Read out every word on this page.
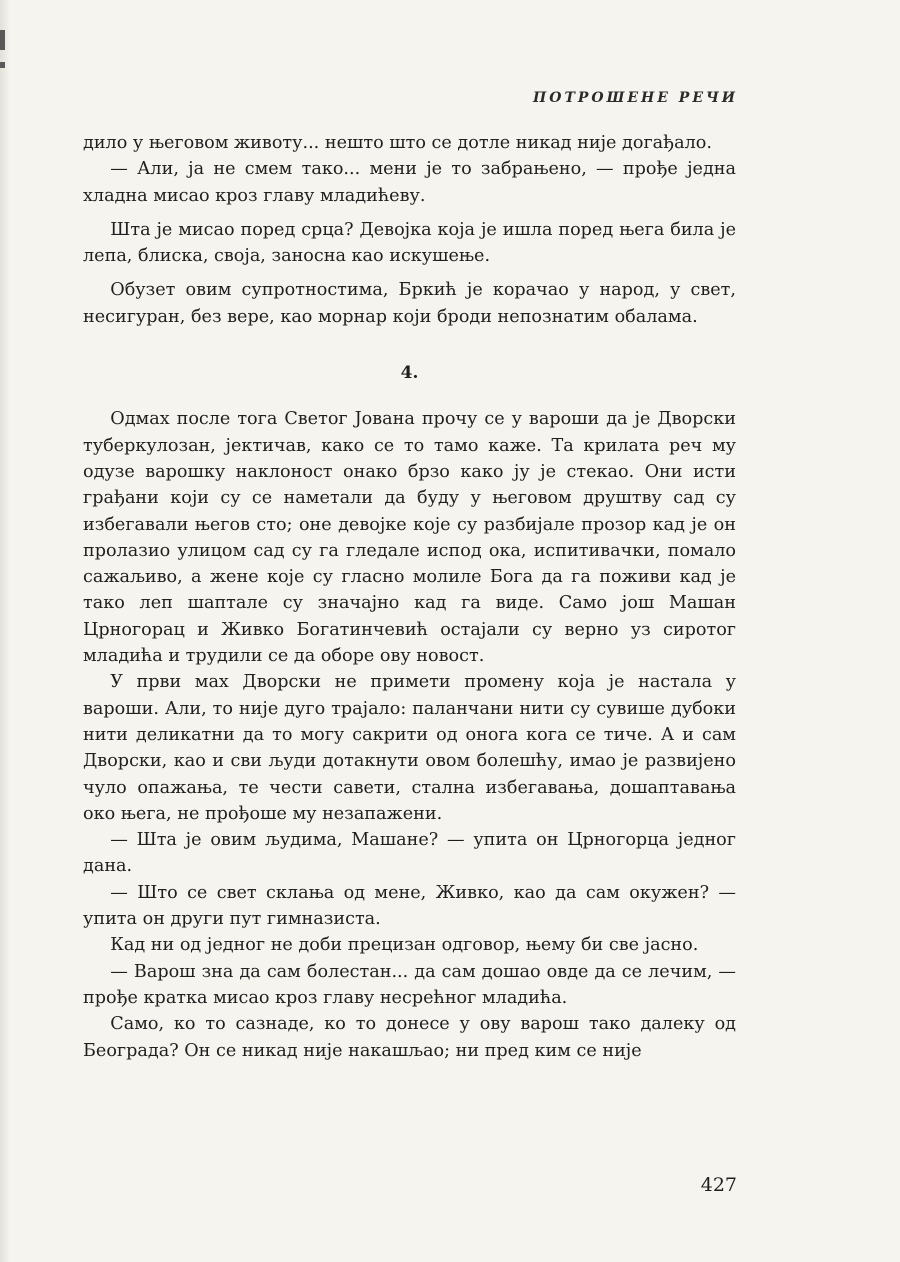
ПОТРОШЕНЕ РЕЧИ

дило у његовом животу... нешто што се дотле никад није догађало.

— Али, ја не смем тако... мени је то забрањено, — прође једна хладна мисао кроз главу младићеву.

Шта је мисао поред срца? Девојка која је ишла поред њега била је лепа, блиска, своја, заносна као искушење.

Обузет овим супротностима, Бркић је корачао у народ, у свет, несигуран, без вере, као морнар који броди непознатим обалама.

4.

Одмах после тога Светог Јована прочу се у вароши да је Дворски туберкулозан, јектичав, како се то тамо каже. Та крилата реч му одузе варошку наклоност онако брзо како ју је стекао. Они исти грађани који су се наметали да буду у његовом друштву сад су избегавали његов сто; оне девојке које су разбијале прозор кад је он пролазио улицом сад су га гледале испод ока, испитивачки, помало сажаљиво, а жене које су гласно молиле Бога да га поживи кад је тако леп шаптале су значајно кад га виде. Само још Машан Црногорац и Живко Богатинчевић остајали су верно уз сиротог младића и трудили се да оборе ову новост.

У први мах Дворски не примети промену која је настала у вароши. Али, то није дуго трајало: паланчани нити су сувише дубоки нити деликатни да то могу сакрити од онога кога се тиче. А и сам Дворски, као и сви људи дотакнути овом болешћу, имао је развијено чуло опажања, те чести савети, стална избегавања, дошаптавања око њега, не прођоше му незапажени.

— Шта је овим људима, Машане? — упита он Црногорца једног дана.

— Што се свет склања од мене, Живко, као да сам окужен? — упита он други пут гимназиста.

Кад ни од једног не доби прецизан одговор, њему би све јасно.

— Варош зна да сам болестан... да сам дошао овде да се лечим, — прође кратка мисао кроз главу несрећног младића.

Само, ко то сазнаде, ко то донесе у ову варош тако далеку од Београда? Он се никад није накашљао; ни пред ким се није

427
